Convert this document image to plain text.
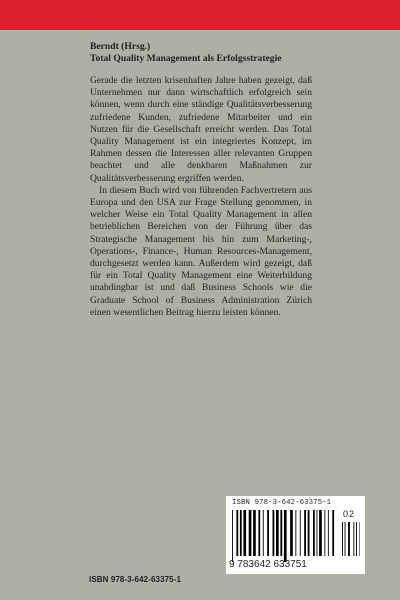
Berndt (Hrsg.)
Total Quality Management als Erfolgsstrategie

Gerade die letzten krisenhaften Jahre haben gezeigt, daß Unternehmen nur dann wirtschaftlich erfolgreich sein können, wenn durch eine ständige Qualitätsverbesserung zufriedene Kunden, zufriedene Mitarbeiter und ein Nutzen für die Gesellschaft erreicht werden. Das Total Quality Management ist ein integriertes Konzept, im Rahmen dessen die Interessen aller relevanten Gruppen beachtet und alle denkbaren Maßnahmen zur Qualitätsverbesserung ergriffen werden.

In diesem Buch wird von führenden Fachvertretern aus Europa und den USA zur Frage Stellung genommen, in welcher Weise ein Total Quality Management in allen betrieblichen Bereichen von der Führung über das Strategische Management bis hin zum Marketing-, Operations-, Finance-, Human Resources-Management, durchgesetzt werden kann. Außerdem wird gezeigt, daß für ein Total Quality Management eine Weiterbildung unabdingbar ist und daß Business Schools wie die Graduate School of Business Administration Zürich einen wesentlichen Beitrag hierzu leisten können.

ISBN 978-3-642-63375-1
02
9 783642 633751
ISBN 978-3-642-63375-1
